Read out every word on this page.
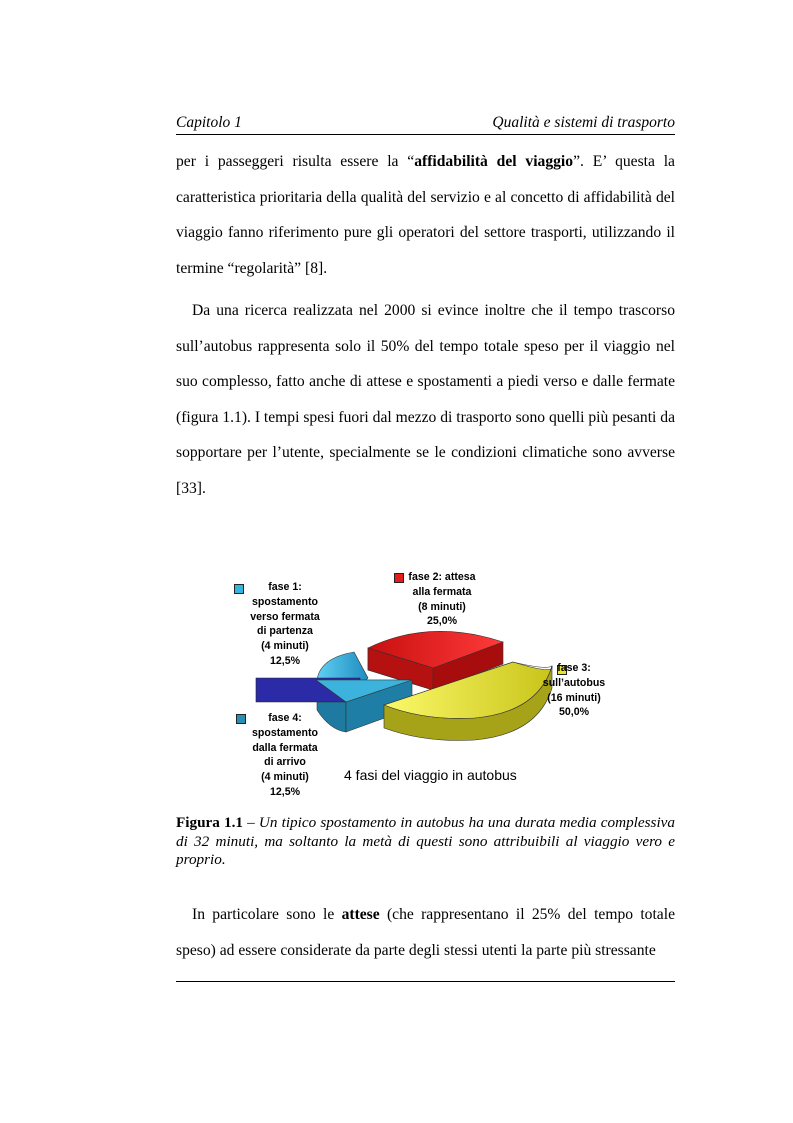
Capitolo 1	Qualità e sistemi di trasporto

per i passeggeri risulta essere la “affidabilità del viaggio”. E’ questa la caratteristica prioritaria della qualità del servizio e al concetto di affidabilità del viaggio fanno riferimento pure gli operatori del settore trasporti, utilizzando il termine “regolarità” [8].

Da una ricerca realizzata nel 2000 si evince inoltre che il tempo trascorso sull’autobus rappresenta solo il 50% del tempo totale speso per il viaggio nel suo complesso, fatto anche di attese e spostamenti a piedi verso e dalle fermate (figura 1.1). I tempi spesi fuori dal mezzo di trasporto sono quelli più pesanti da sopportare per l’utente, specialmente se le condizioni climatiche sono avverse [33].

fase 1:
spostamento
verso fermata
di partenza
(4 minuti)
12,5%
fase 2: attesa
alla fermata
(8 minuti)
25,0%
fase 3:
sull’autobus
(16 minuti)
50,0%
fase 4:
spostamento
dalla fermata
di arrivo
(4 minuti)
12,5%
4 fasi del viaggio in autobus

Figura 1.1 – Un tipico spostamento in autobus ha una durata media complessiva di 32 minuti, ma soltanto la metà di questi sono attribuibili al viaggio vero e proprio.

In particolare sono le attese (che rappresentano il 25% del tempo totale speso) ad essere considerate da parte degli stessi utenti la parte più stressante
